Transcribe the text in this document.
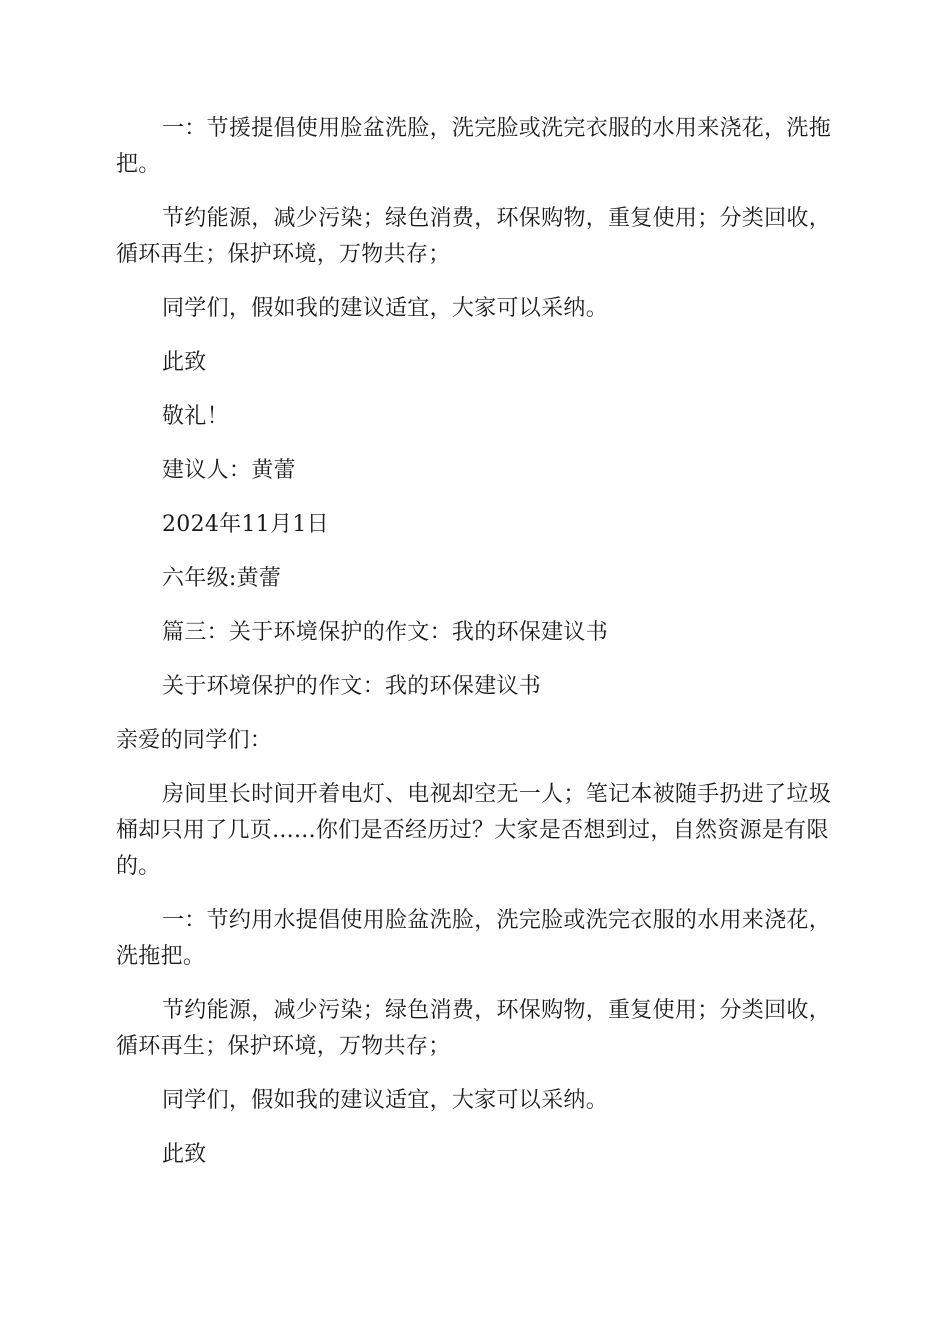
一：节援提倡使用脸盆洗脸，洗完脸或洗完衣服的水用来浇花，洗拖把。

节约能源，减少污染；绿色消费，环保购物，重复使用；分类回收，循环再生；保护环境，万物共存；

同学们，假如我的建议适宜，大家可以采纳。

此致

敬礼！

建议人：黄蕾

2024年11月1日

六年级:黄蕾

篇三：关于环境保护的作文：我的环保建议书

关于环境保护的作文：我的环保建议书

亲爱的同学们：

房间里长时间开着电灯、电视却空无一人；笔记本被随手扔进了垃圾桶却只用了几页......你们是否经历过？大家是否想到过，自然资源是有限的。

一：节约用水提倡使用脸盆洗脸，洗完脸或洗完衣服的水用来浇花，洗拖把。

节约能源，减少污染；绿色消费，环保购物，重复使用；分类回收，循环再生；保护环境，万物共存；

同学们，假如我的建议适宜，大家可以采纳。

此致
